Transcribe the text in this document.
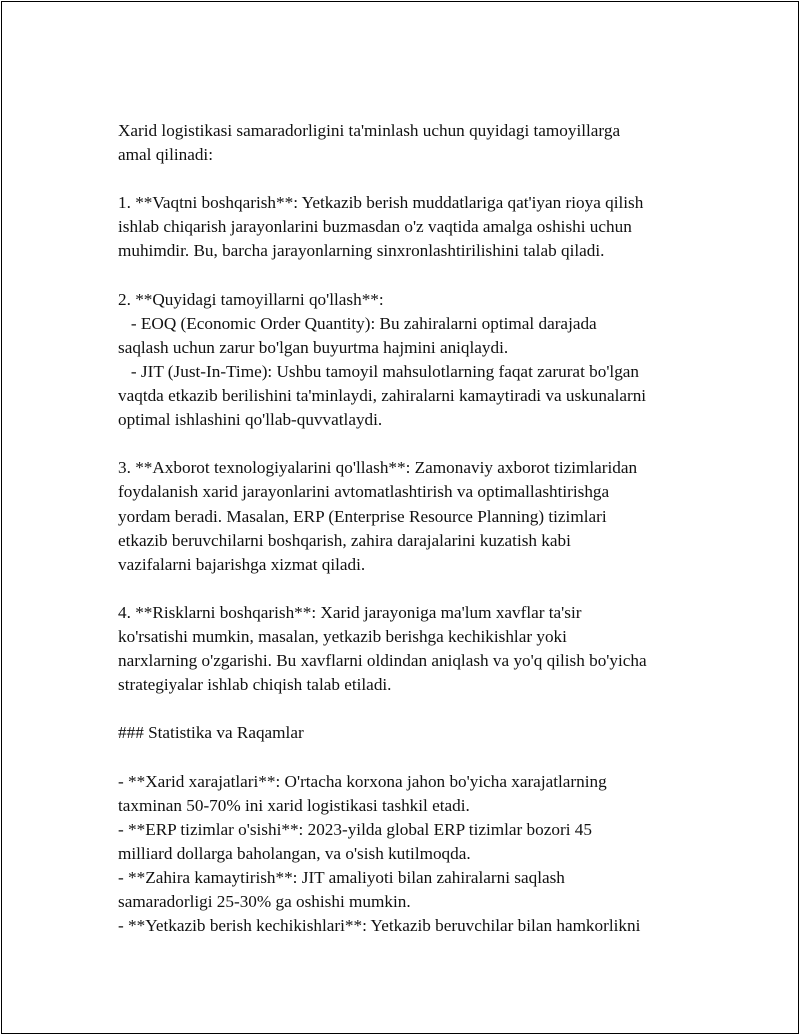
Xarid logistikasi samaradorligini ta'minlash uchun quyidagi tamoyillarga
amal qilinadi:
1. **Vaqtni boshqarish**: Yetkazib berish muddatlariga qat'iyan rioya qilish
ishlab chiqarish jarayonlarini buzmasdan o'z vaqtida amalga oshishi uchun
muhimdir. Bu, barcha jarayonlarning sinxronlashtirilishini talab qiladi.
2. **Quyidagi tamoyillarni qo'llash**:
- EOQ (Economic Order Quantity): Bu zahiralarni optimal darajada
saqlash uchun zarur bo'lgan buyurtma hajmini aniqlaydi.
- JIT (Just-In-Time): Ushbu tamoyil mahsulotlarning faqat zarurat bo'lgan
vaqtda etkazib berilishini ta'minlaydi, zahiralarni kamaytiradi va uskunalarni
optimal ishlashini qo'llab-quvvatlaydi.
3. **Axborot texnologiyalarini qo'llash**: Zamonaviy axborot tizimlaridan
foydalanish xarid jarayonlarini avtomatlashtirish va optimallashtirishga
yordam beradi. Masalan, ERP (Enterprise Resource Planning) tizimlari
etkazib beruvchilarni boshqarish, zahira darajalarini kuzatish kabi
vazifalarni bajarishga xizmat qiladi.
4. **Risklarni boshqarish**: Xarid jarayoniga ma'lum xavflar ta'sir
ko'rsatishi mumkin, masalan, yetkazib berishga kechikishlar yoki
narxlarning o'zgarishi. Bu xavflarni oldindan aniqlash va yo'q qilish bo'yicha
strategiyalar ishlab chiqish talab etiladi.
### Statistika va Raqamlar
- **Xarid xarajatlari**: O'rtacha korxona jahon bo'yicha xarajatlarning
taxminan 50-70% ini xarid logistikasi tashkil etadi.
- **ERP tizimlar o'sishi**: 2023-yilda global ERP tizimlar bozori 45
milliard dollarga baholangan, va o'sish kutilmoqda.
- **Zahira kamaytirish**: JIT amaliyoti bilan zahiralarni saqlash
samaradorligi 25-30% ga oshishi mumkin.
- **Yetkazib berish kechikishlari**: Yetkazib beruvchilar bilan hamkorlikni
